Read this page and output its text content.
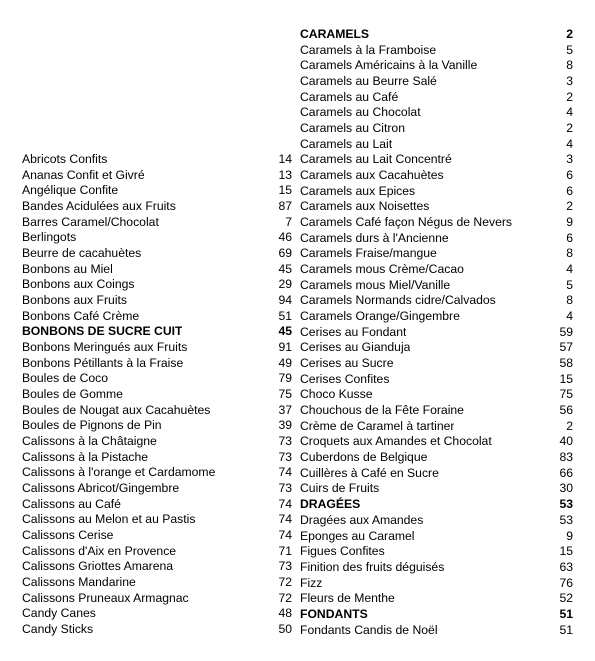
Abricots Confits	14
Ananas Confit et Givré	13
Angélique Confite	15
Bandes Acidulées aux Fruits	87
Barres Caramel/Chocolat	7
Berlingots	46
Beurre de cacahuètes	69
Bonbons au Miel	45
Bonbons aux Coings	29
Bonbons aux Fruits	94
Bonbons Café Crème	51
BONBONS DE SUCRE CUIT	45
Bonbons Meringués aux Fruits	91
Bonbons Pétillants à la Fraise	49
Boules de Coco	79
Boules de Gomme	75
Boules de Nougat aux Cacahuètes	37
Boules de Pignons de Pin	39
Calissons à la Châtaigne	73
Calissons à la Pistache	73
Calissons à l'orange et Cardamome	74
Calissons Abricot/Gingembre	73
Calissons au Café	74
Calissons au Melon et au Pastis	74
Calissons Cerise	74
Calissons d'Aix en Provence	71
Calissons Griottes Amarena	73
Calissons Mandarine	72
Calissons Pruneaux Armagnac	72
Candy Canes	48
Candy Sticks	50
CARAMELS	2
Caramels à la Framboise	5
Caramels Américains à la Vanille	8
Caramels au Beurre Salé	3
Caramels au Café	2
Caramels au Chocolat	4
Caramels au Citron	2
Caramels au Lait	4
Caramels au Lait Concentré	3
Caramels aux Cacahuètes	6
Caramels aux Epices	6
Caramels aux Noisettes	2
Caramels Café façon Négus de Nevers	9
Caramels durs à l'Ancienne	6
Caramels Fraise/mangue	8
Caramels mous Crème/Cacao	4
Caramels mous Miel/Vanille	5
Caramels Normands cidre/Calvados	8
Caramels Orange/Gingembre	4
Cerises au Fondant	59
Cerises au Gianduja	57
Cerises au Sucre	58
Cerises Confites	15
Choco Kusse	75
Chouchous de la Fête Foraine	56
Crème de Caramel à tartiner	2
Croquets aux Amandes et Chocolat	40
Cuberdons de Belgique	83
Cuillères à Café en Sucre	66
Cuirs de Fruits	30
DRAGÉES	53
Dragées aux Amandes	53
Eponges au Caramel	9
Figues Confites	15
Finition des fruits déguisés	63
Fizz	76
Fleurs de Menthe	52
FONDANTS	51
Fondants Candis de Noël	51
